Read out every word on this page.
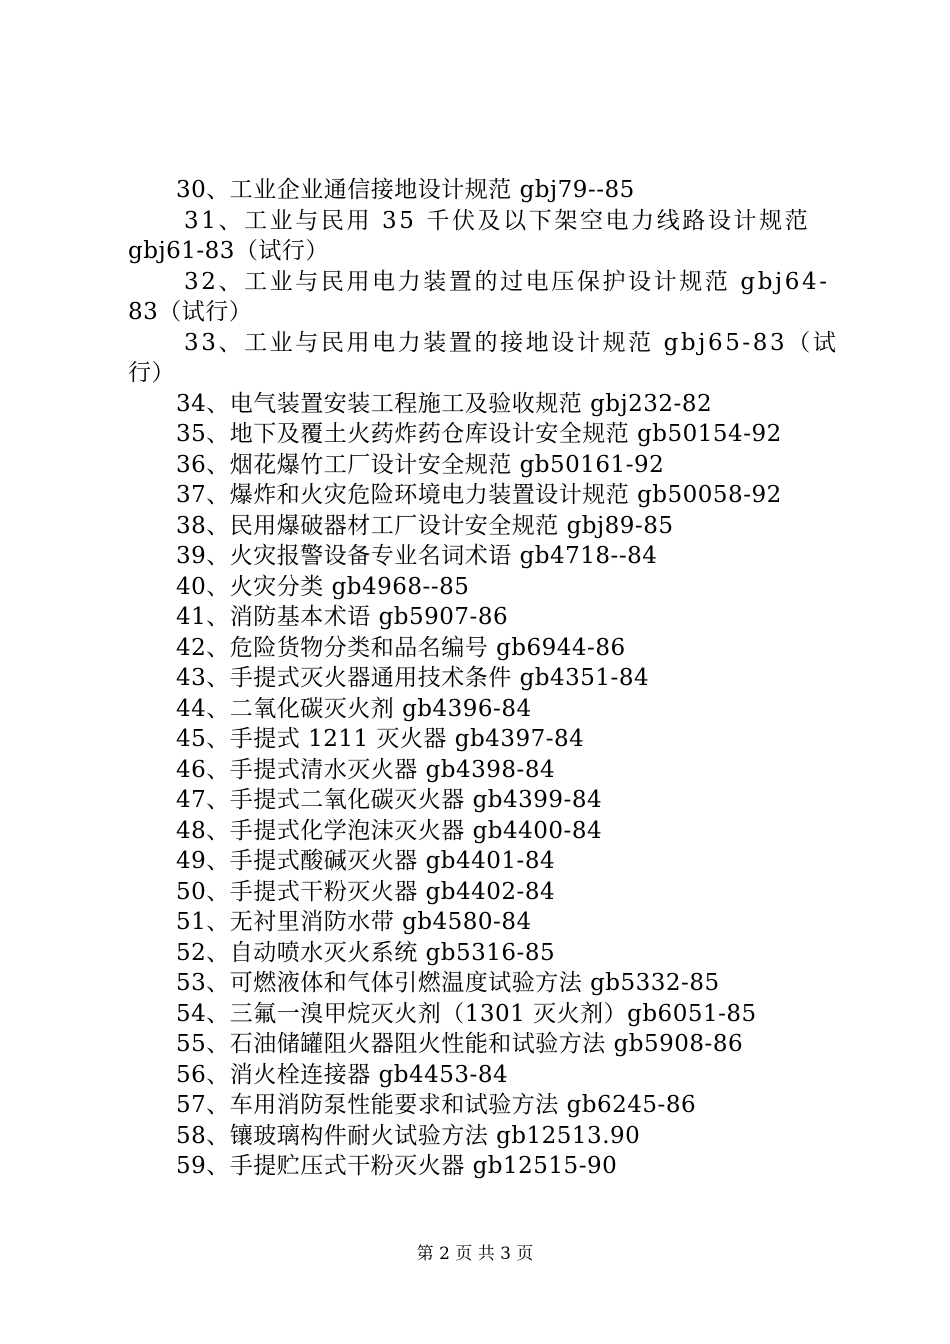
30、工业企业通信接地设计规范 gbj79--85
31、工业与民用 35 千伏及以下架空电力线路设计规范
gbj61-83（试行）
32、工业与民用电力装置的过电压保护设计规范 gbj64-
83（试行）
33、工业与民用电力装置的接地设计规范 gbj65-83（试
行）
34、电气装置安装工程施工及验收规范 gbj232-82
35、地下及覆土火药炸药仓库设计安全规范 gb50154-92
36、烟花爆竹工厂设计安全规范 gb50161-92
37、爆炸和火灾危险环境电力装置设计规范 gb50058-92
38、民用爆破器材工厂设计安全规范 gbj89-85
39、火灾报警设备专业名词术语 gb4718--84
40、火灾分类 gb4968--85
41、消防基本术语 gb5907-86
42、危险货物分类和品名编号 gb6944-86
43、手提式灭火器通用技术条件 gb4351-84
44、二氧化碳灭火剂 gb4396-84
45、手提式 1211 灭火器 gb4397-84
46、手提式清水灭火器 gb4398-84
47、手提式二氧化碳灭火器 gb4399-84
48、手提式化学泡沫灭火器 gb4400-84
49、手提式酸碱灭火器 gb4401-84
50、手提式干粉灭火器 gb4402-84
51、无衬里消防水带 gb4580-84
52、自动喷水灭火系统 gb5316-85
53、可燃液体和气体引燃温度试验方法 gb5332-85
54、三氟一溴甲烷灭火剂（1301 灭火剂）gb6051-85
55、石油储罐阻火器阻火性能和试验方法 gb5908-86
56、消火栓连接器 gb4453-84
57、车用消防泵性能要求和试验方法 gb6245-86
58、镶玻璃构件耐火试验方法 gb12513.90
59、手提贮压式干粉灭火器 gb12515-90
第 2 页 共 3 页
